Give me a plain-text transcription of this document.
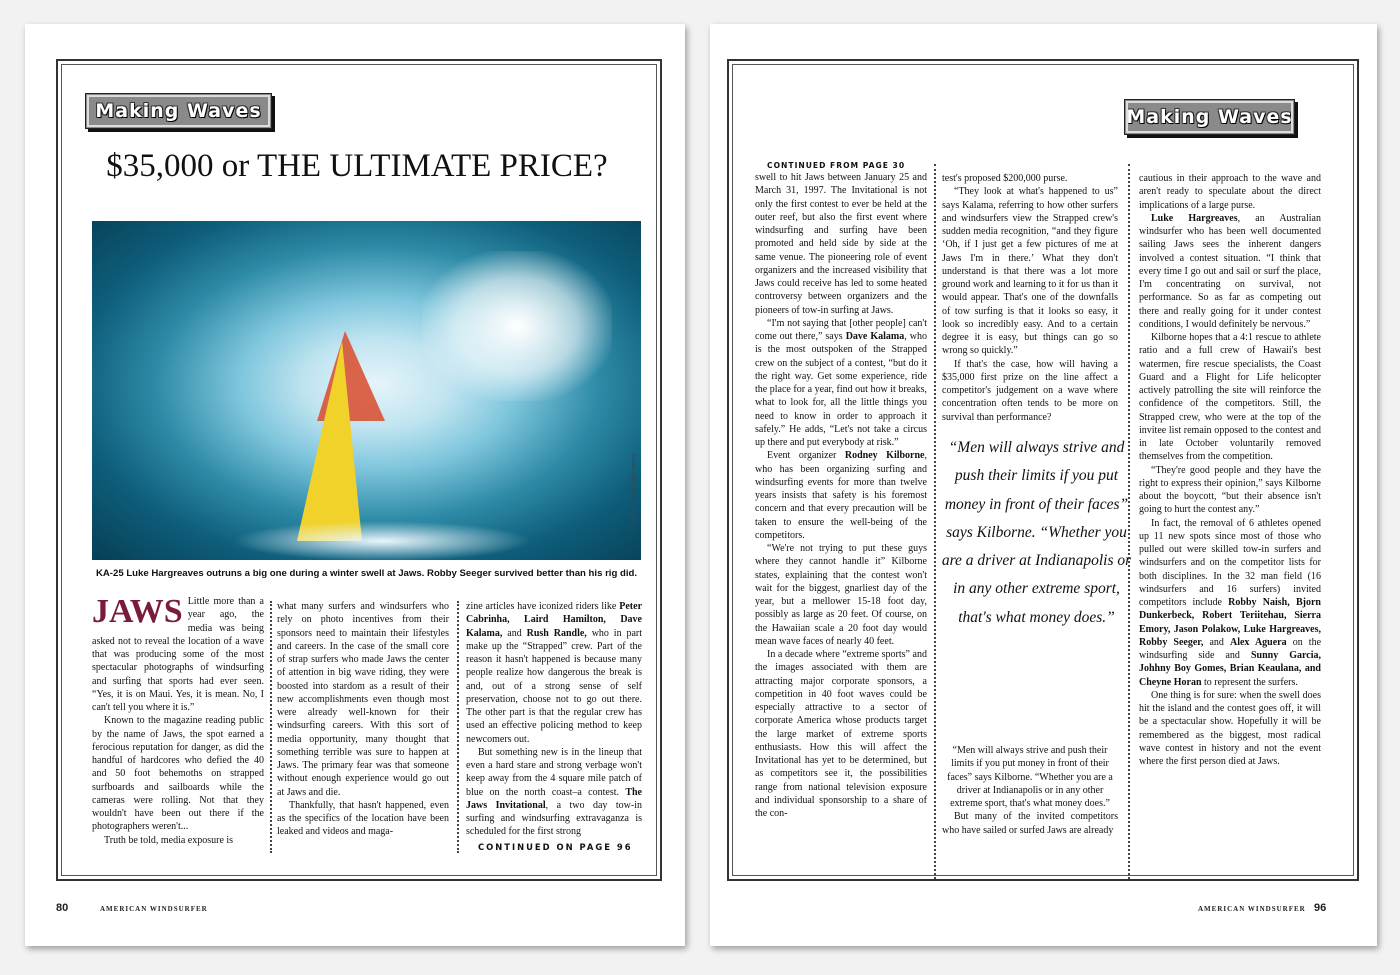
Making Waves
$35,000 or THE ULTIMATE PRICE?
Photo: Patrick McFeeley

KA-25 Luke Hargreaves outruns a big one during a winter swell at Jaws. Robby Seeger survived better than his rig did.

JAWS Little more than a year ago, the media was being asked not to reveal the location of a wave that was producing some of the most spectacular photographs of windsurfing and surfing that sports had ever seen. “Yes, it is on Maui. Yes, it is mean. No, I can't tell you where it is.”

Known to the magazine reading public by the name of Jaws, the spot earned a ferocious reputation for danger, as did the handful of hardcores who defied the 40 and 50 foot behemoths on strapped surfboards and sailboards while the cameras were rolling. Not that they wouldn't have been out there if the photographers weren't...

Truth be told, media exposure is

what many surfers and windsurfers who rely on photo incentives from their sponsors need to maintain their lifestyles and careers. In the case of the small core of strap surfers who made Jaws the center of attention in big wave riding, they were boosted into stardom as a result of their new accomplishments even though most were already well-known for their windsurfing careers. With this sort of media opportunity, many thought that something terrible was sure to happen at Jaws. The primary fear was that someone without enough experience would go out at Jaws and die.

Thankfully, that hasn't happened, even as the specifics of the location have been leaked and videos and maga-

zine articles have iconized riders like Peter Cabrinha, Laird Hamilton, Dave Kalama, and Rush Randle, who in part make up the “Strapped” crew. Part of the reason it hasn't happened is because many people realize how dangerous the break is and, out of a strong sense of self preservation, choose not to go out there. The other part is that the regular crew has used an effective policing method to keep newcomers out.

But something new is in the lineup that even a hard stare and strong verbage won't keep away from the 4 square mile patch of blue on the north coast–a contest. The Jaws Invitational, a two day tow-in surfing and windsurfing extravaganza is scheduled for the first strong

CONTINUED ON PAGE 96

80	AMERICAN WINDSURFER
Making Waves

CONTINUED FROM PAGE 30

swell to hit Jaws between January 25 and March 31, 1997. The Invitational is not only the first contest to ever be held at the outer reef, but also the first event where windsurfing and surfing have been promoted and held side by side at the same venue. The pioneering role of event organizers and the increased visibility that Jaws could receive has led to some heated controversy between organizers and the pioneers of tow-in surfing at Jaws.

“I'm not saying that [other people] can't come out there,” says Dave Kalama, who is the most outspoken of the Strapped crew on the subject of a contest, “but do it the right way. Get some experience, ride the place for a year, find out how it breaks, what to look for, all the little things you need to know in order to approach it safely.” He adds, “Let's not take a circus up there and put everybody at risk.”

Event organizer Rodney Kilborne, who has been organizing surfing and windsurfing events for more than twelve years insists that safety is his foremost concern and that every precaution will be taken to ensure the well-being of the competitors.

“We're not trying to put these guys where they cannot handle it” Kilborne states, explaining that the contest won't wait for the biggest, gnarliest day of the year, but a mellower 15-18 foot day, possibly as large as 20 feet. Of course, on the Hawaiian scale a 20 foot day would mean wave faces of nearly 40 feet.

In a decade where “extreme sports” and the images associated with them are attracting major corporate sponsors, a competition in 40 foot waves could be especially attractive to a sector of corporate America whose products target the large market of extreme sports enthusiasts. How this will affect the Invitational has yet to be determined, but as competitors see it, the possibilities range from national television exposure and individual sponsorship to a share of the con-

test's proposed $200,000 purse.

“They look at what's happened to us” says Kalama, referring to how other surfers and windsurfers view the Strapped crew's sudden media recognition, “and they figure ‘Oh, if I just get a few pictures of me at Jaws I'm in there.’ What they don't understand is that there was a lot more ground work and learning to it for us than it would appear. That's one of the downfalls of tow surfing is that it looks so easy, it look so incredibly easy. And to a certain degree it is easy, but things can go so wrong so quickly.”

If that's the case, how will having a $35,000 first prize on the line affect a competitor's judgement on a wave where concentration often tends to be more on survival than performance?

“Men will always strive and push their limits if you put money in front of their faces” says Kilborne. “Whether you are a driver at Indianapolis or in any other extreme sport, that's what money does.”

“Men will always strive and push their limits if you put money in front of their faces” says Kilborne. “Whether you are a driver at Indianapolis or in any other extreme sport, that's what money does.”

But many of the invited competitors who have sailed or surfed Jaws are already

cautious in their approach to the wave and aren't ready to speculate about the direct implications of a large purse.

Luke Hargreaves, an Australian windsurfer who has been well documented sailing Jaws sees the inherent dangers involved a contest situation. “I think that every time I go out and sail or surf the place, I'm concentrating on survival, not performance. So as far as competing out there and really going for it under contest conditions, I would definitely be nervous.”

Kilborne hopes that a 4:1 rescue to athlete ratio and a full crew of Hawaii's best watermen, fire rescue specialists, the Coast Guard and a Flight for Life helicopter actively patrolling the site will reinforce the confidence of the competitors. Still, the Strapped crew, who were at the top of the invitee list remain opposed to the contest and in late October voluntarily removed themselves from the competition.

“They're good people and they have the right to express their opinion,” says Kilborne about the boycott, “but their absence isn't going to hurt the contest any.”

In fact, the removal of 6 athletes opened up 11 new spots since most of those who pulled out were skilled tow-in surfers and windsurfers and on the competitor lists for both disciplines. In the 32 man field (16 windsurfers and 16 surfers) invited competitors include Robby Naish, Bjorn Dunkerbeck, Robert Teriitehau, Sierra Emory, Jason Polakow, Luke Hargreaves, Robby Seeger, and Alex Aguera on the windsurfing side and Sunny Garcia, Johhny Boy Gomes, Brian Keaulana, and Cheyne Horan to represent the surfers.

One thing is for sure: when the swell does hit the island and the contest goes off, it will be a spectacular show. Hopefully it will be remembered as the biggest, most radical wave contest in history and not the event where the first person died at Jaws.

AMERICAN WINDSURFER 96
